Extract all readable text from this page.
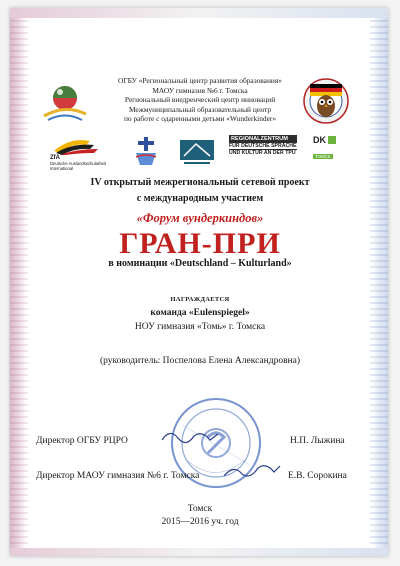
ОГБУ «Региональный центр развития образования»
МАОУ гимназия №6 г. Томска
Региональный внедренческий центр инноваций
Межмуниципальный образовательный центр
по работе с одаренными детьми «Wunderkinder»
ZfA
Deutsche Auslandsschularbeit
International
REGIONALZENTRUM
FÜR DEUTSCHE SPRACHE
UND KULTUR AN DER TPU
DK
ТОМСК
IV открытый межрегиональный сетевой проект
с международным участием
«Форум вундеркиндов»
ГРАН-ПРИ
в номинации «Deutschland – Kulturland»
НАГРАЖДАЕТСЯ
команда «Eulenspiegel»
НОУ гимназия «Томь» г. Томска
(руководитель: Поспелова Елена Александровна)
Директор ОГБУ РЦРО	Н.П. Лыжина
Директор МАОУ гимназия №6 г. Томска	Е.В. Сорокина
Томск
2015—2016 уч. год
